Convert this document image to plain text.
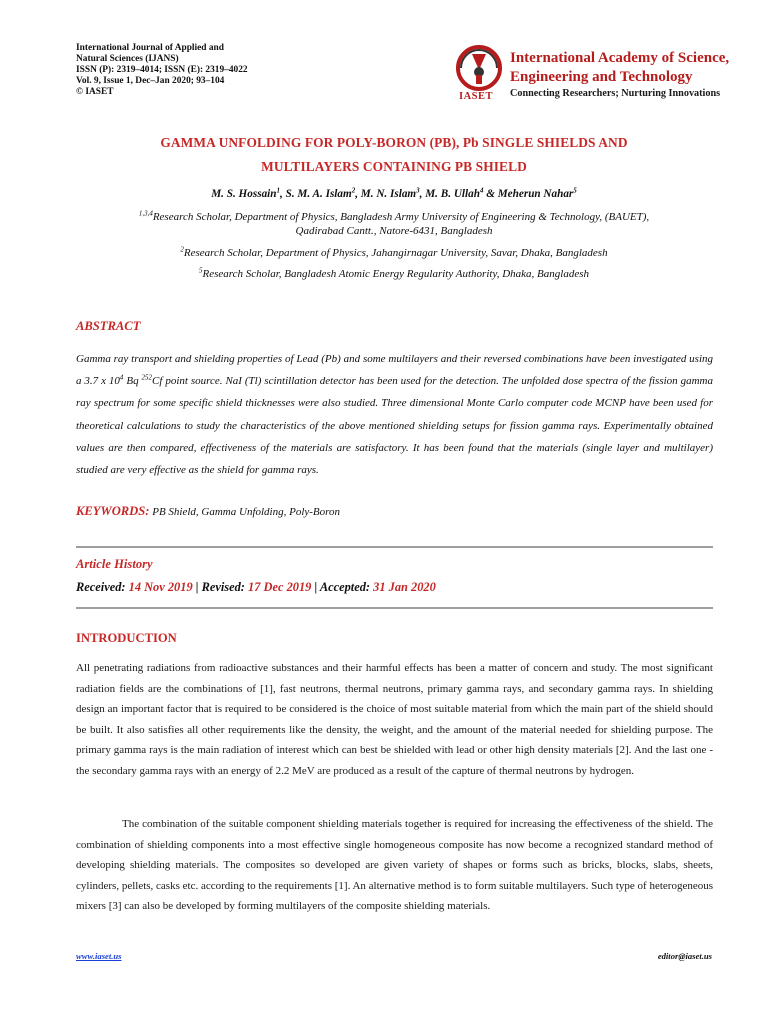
International Journal of Applied and
Natural Sciences (IJANS)
ISSN (P): 2319–4014; ISSN (E): 2319–4022
Vol. 9, Issue 1, Dec–Jan 2020; 93–104
© IASET	IASET
International Academy of Science,
Engineering and Technology
Connecting Researchers; Nurturing Innovations
GAMMA UNFOLDING FOR POLY-BORON (PB), Pb SINGLE SHIELDS AND
MULTILAYERS CONTAINING PB SHIELD
M. S. Hossain$^1$, S. M. A. Islam$^2$, M. N. Islam$^3$, M. B. Ullah$^4$ & Meherun Nahar$^5$
$^{1,3,4}$Research Scholar, Department of Physics, Bangladesh Army University of Engineering & Technology, (BAUET),
Qadirabad Cantt., Natore-6431, Bangladesh
$^2$Research Scholar, Department of Physics, Jahangirnagar University, Savar, Dhaka, Bangladesh
$^5$Research Scholar, Bangladesh Atomic Energy Regularity Authority, Dhaka, Bangladesh
ABSTRACT
Gamma ray transport and shielding properties of Lead (Pb) and some multilayers and their reversed combinations have been investigated using a 3.7 x $10^4$ Bq $^{252}$Cf point source. NaI (Tl) scintillation detector has been used for the detection. The unfolded dose spectra of the fission gamma ray spectrum for some specific shield thicknesses were also studied. Three dimensional Monte Carlo computer code MCNP have been used for theoretical calculations to study the characteristics of the above mentioned shielding setups for fission gamma rays. Experimentally obtained values are then compared, effectiveness of the materials are satisfactory. It has been found that the materials (single layer and multilayer) studied are very effective as the shield for gamma rays.
KEYWORDS: PB Shield, Gamma Unfolding, Poly-Boron
Article History
Received: 14 Nov 2019 | Revised: 17 Dec 2019 | Accepted: 31 Jan 2020
INTRODUCTION
All penetrating radiations from radioactive substances and their harmful effects has been a matter of concern and study. The most significant radiation fields are the combinations of [1], fast neutrons, thermal neutrons, primary gamma rays, and secondary gamma rays. In shielding design an important factor that is required to be considered is the choice of most suitable material from which the main part of the shield should be built. It also satisfies all other requirements like the density, the weight, and the amount of the material needed for shielding purpose. The primary gamma rays is the main radiation of interest which can best be shielded with lead or other high density materials [2]. And the last one - the secondary gamma rays with an energy of 2.2 MeV are produced as a result of the capture of thermal neutrons by hydrogen.
The combination of the suitable component shielding materials together is required for increasing the effectiveness of the shield. The combination of shielding components into a most effective single homogeneous composite has now become a recognized standard method of developing shielding materials. The composites so developed are given variety of shapes or forms such as bricks, blocks, slabs, sheets, cylinders, pellets, casks etc. according to the requirements [1]. An alternative method is to form suitable multilayers. Such type of heterogeneous mixers [3] can also be developed by forming multilayers of the composite shielding materials.
www.iaset.us	editor@iaset.us
